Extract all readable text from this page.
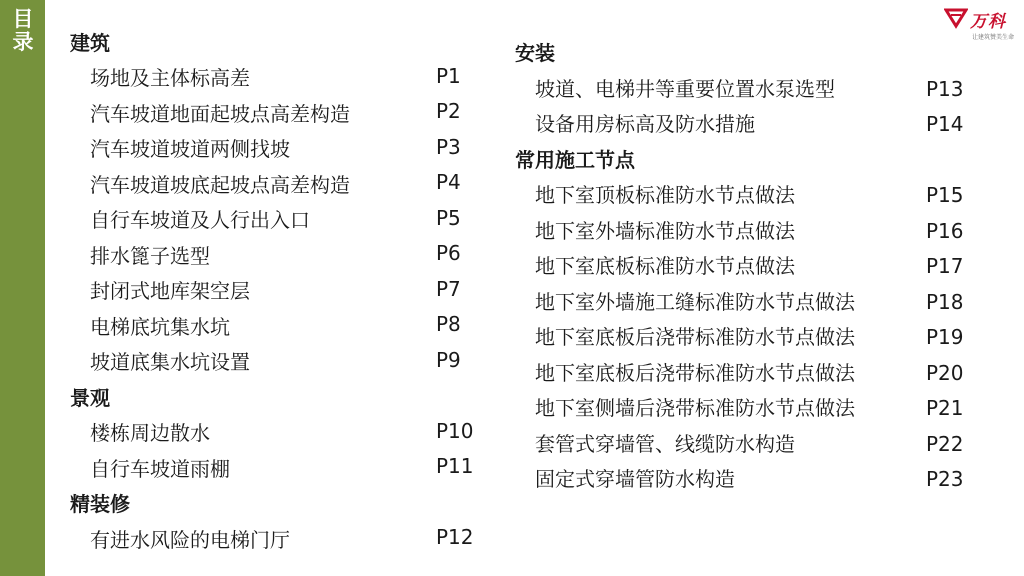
目录
万科
让建筑赞美生命
建筑
场地及主体标高差	P1
汽车坡道地面起坡点高差构造	P2
汽车坡道坡道两侧找坡	P3
汽车坡道坡底起坡点高差构造	P4
自行车坡道及人行出入口	P5
排水篦子选型	P6
封闭式地库架空层	P7
电梯底坑集水坑	P8
坡道底集水坑设置	P9
景观
楼栋周边散水	P10
自行车坡道雨棚	P11
精装修
有进水风险的电梯门厅	P12
安装
坡道、电梯井等重要位置水泵选型	P13
设备用房标高及防水措施	P14
常用施工节点
地下室顶板标准防水节点做法	P15
地下室外墙标准防水节点做法	P16
地下室底板标准防水节点做法	P17
地下室外墙施工缝标准防水节点做法	P18
地下室底板后浇带标准防水节点做法	P19
地下室底板后浇带标准防水节点做法	P20
地下室侧墙后浇带标准防水节点做法	P21
套管式穿墙管、线缆防水构造	P22
固定式穿墙管防水构造	P23
